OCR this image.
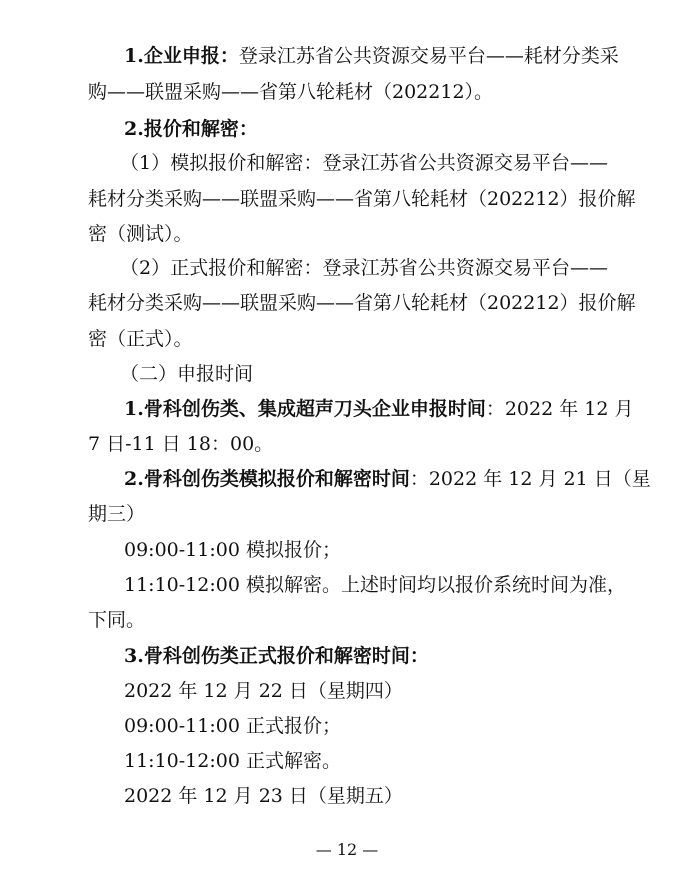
1.企业申报：登录江苏省公共资源交易平台——耗材分类采
购——联盟采购——省第八轮耗材（202212）。
2.报价和解密：
（1）模拟报价和解密：登录江苏省公共资源交易平台——
耗材分类采购——联盟采购——省第八轮耗材（202212）报价解
密（测试）。
（2）正式报价和解密：登录江苏省公共资源交易平台——
耗材分类采购——联盟采购——省第八轮耗材（202212）报价解
密（正式）。
（二）申报时间
1.骨科创伤类、集成超声刀头企业申报时间：2022 年 12 月
7 日-11 日 18：00。
2.骨科创伤类模拟报价和解密时间：2022 年 12 月 21 日（星
期三）
09:00-11:00 模拟报价；
11:10-12:00 模拟解密。上述时间均以报价系统时间为准，
下同。
3.骨科创伤类正式报价和解密时间：
2022 年 12 月 22 日（星期四）
09:00-11:00 正式报价；
11:10-12:00 正式解密。
2022 年 12 月 23 日（星期五）
— 12 —
